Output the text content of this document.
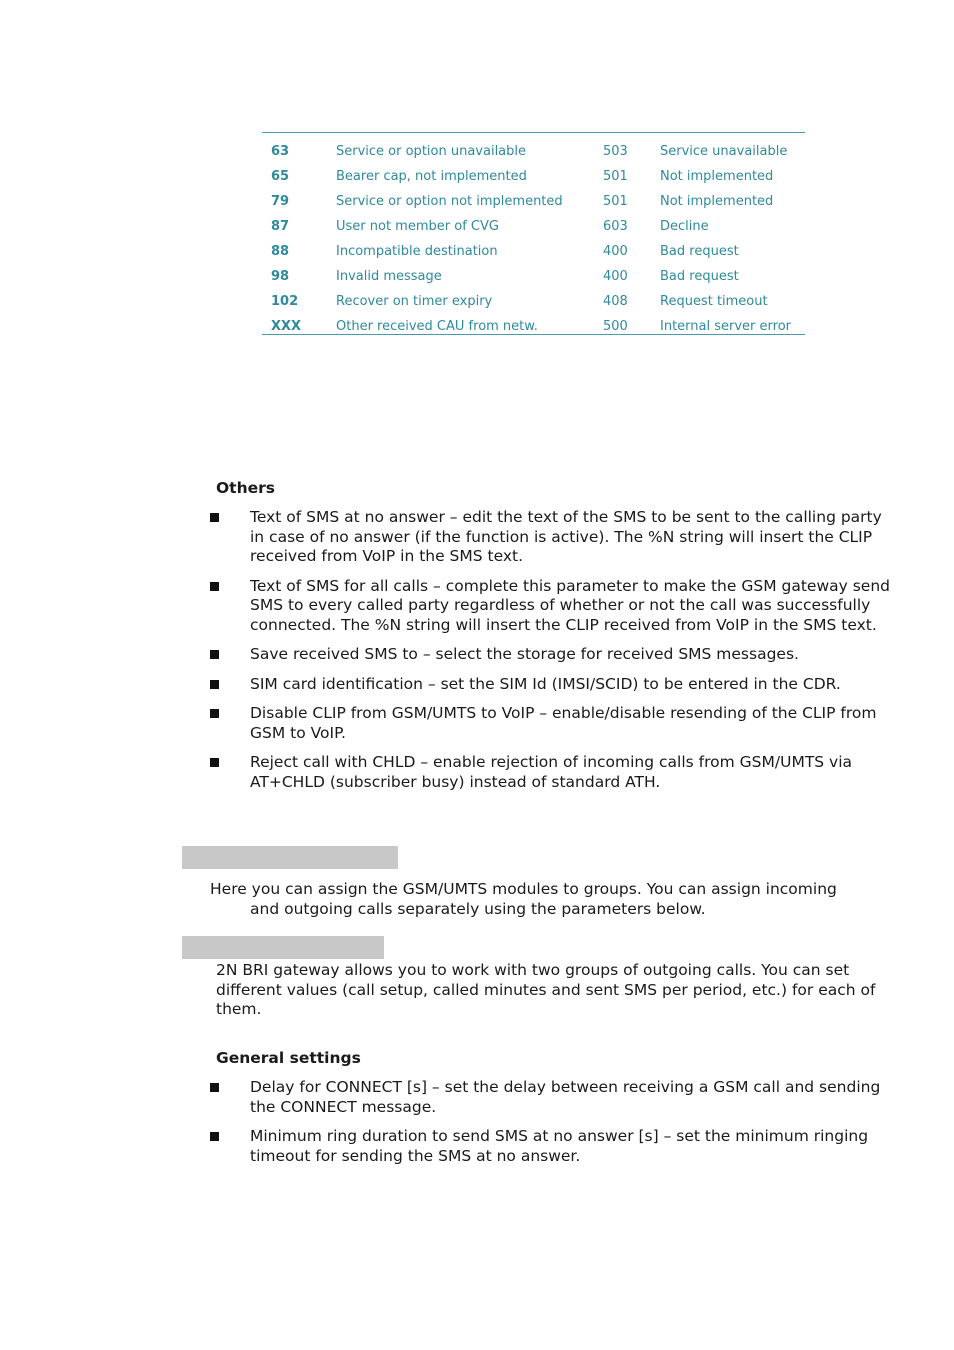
63	Service or option unavailable	503	Service unavailable
65	Bearer cap, not implemented	501	Not implemented
79	Service or option not implemented	501	Not implemented
87	User not member of CVG	603	Decline
88	Incompatible destination	400	Bad request
98	Invalid message	400	Bad request
102	Recover on timer expiry	408	Request timeout
XXX	Other received CAU from netw.	500	Internal server error
Others
Text of SMS at no answer – edit the text of the SMS to be sent to the calling party in case of no answer (if the function is active). The %N string will insert the CLIP received from VoIP in the SMS text.
Text of SMS for all calls – complete this parameter to make the GSM gateway send SMS to every called party regardless of whether or not the call was successfully connected. The %N string will insert the CLIP received from VoIP in the SMS text.
Save received SMS to – select the storage for received SMS messages.
SIM card identification – set the SIM Id (IMSI/SCID) to be entered in the CDR.
Disable CLIP from GSM/UMTS to VoIP – enable/disable resending of the CLIP from GSM to VoIP.
Reject call with CHLD – enable rejection of incoming calls from GSM/UMTS via AT+CHLD (subscriber busy) instead of standard ATH.

Here you can assign the GSM/UMTS modules to groups. You can assign incoming
and outgoing calls separately using the parameters below.

2N BRI gateway allows you to work with two groups of outgoing calls. You can set different values (call setup, called minutes and sent SMS per period, etc.) for each of them.

General settings
Delay for CONNECT [s] – set the delay between receiving a GSM call and sending the CONNECT message.
Minimum ring duration to send SMS at no answer [s] – set the minimum ringing timeout for sending the SMS at no answer.
